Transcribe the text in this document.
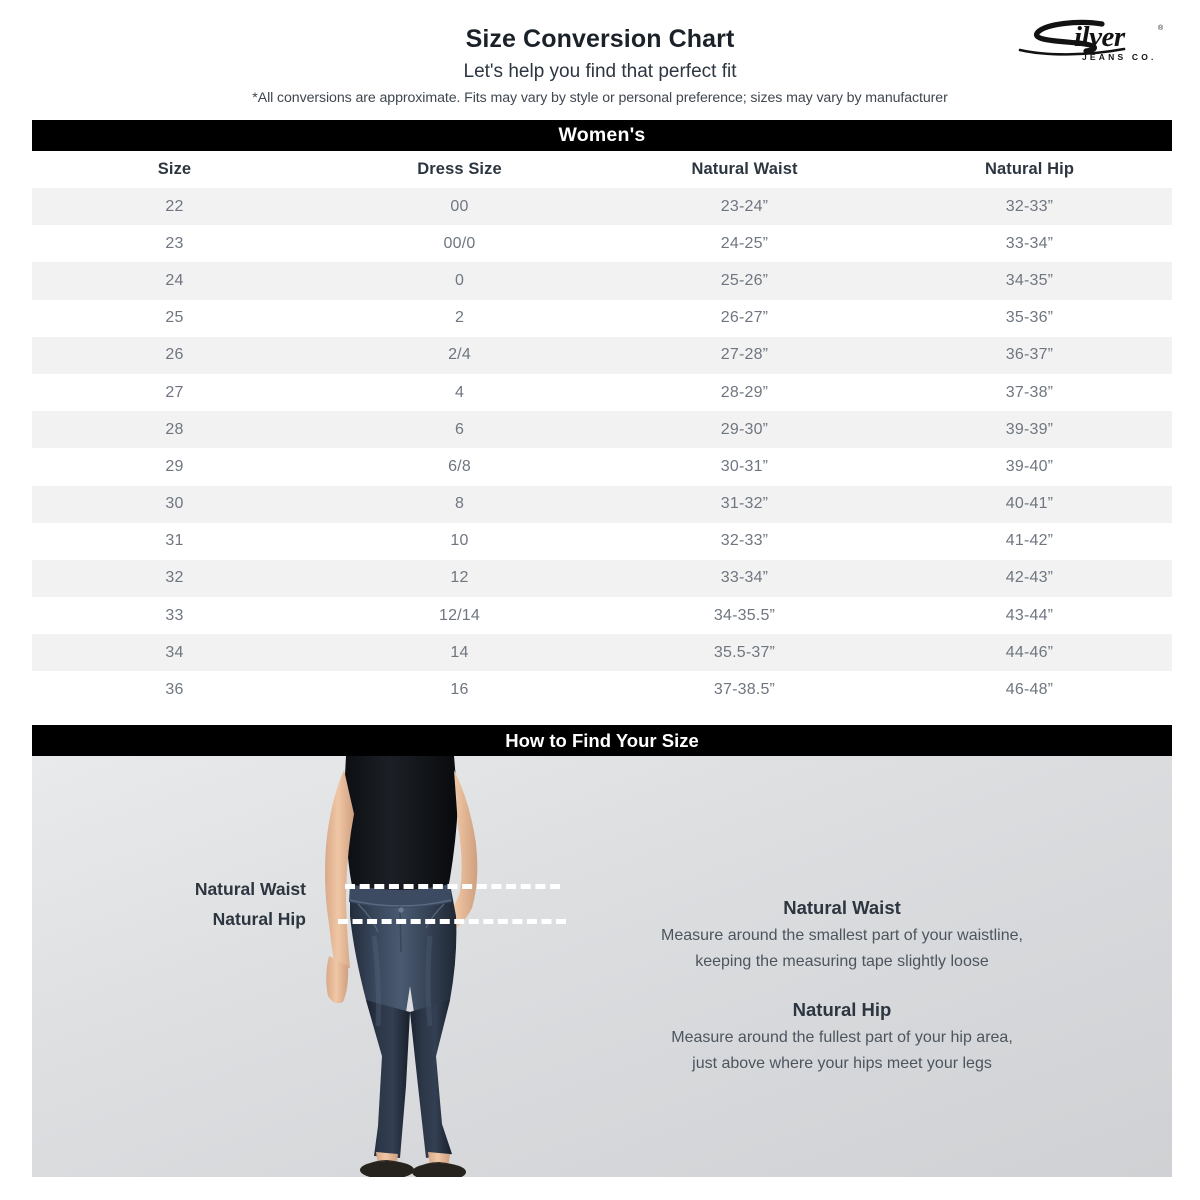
Size Conversion Chart
Let's help you find that perfect fit
*All conversions are approximate. Fits may vary by style or personal preference; sizes may vary by manufacturer
ilver	®
JEANS CO.
Women's
Size	Dress Size	Natural Waist	Natural Hip
22	00	23-24”	32-33”
23	00/0	24-25”	33-34”
24	0	25-26”	34-35”
25	2	26-27”	35-36”
26	2/4	27-28”	36-37”
27	4	28-29”	37-38”
28	6	29-30”	39-39”
29	6/8	30-31”	39-40”
30	8	31-32”	40-41”
31	10	32-33”	41-42”
32	12	33-34”	42-43”
33	12/14	34-35.5”	43-44”
34	14	35.5-37”	44-46”
36	16	37-38.5”	46-48”
How to Find Your Size
Natural Waist
Natural Hip
Natural Waist
Measure around the smallest part of your waistline,
keeping the measuring tape slightly loose
Natural Hip
Measure around the fullest part of your hip area,
just above where your hips meet your legs
